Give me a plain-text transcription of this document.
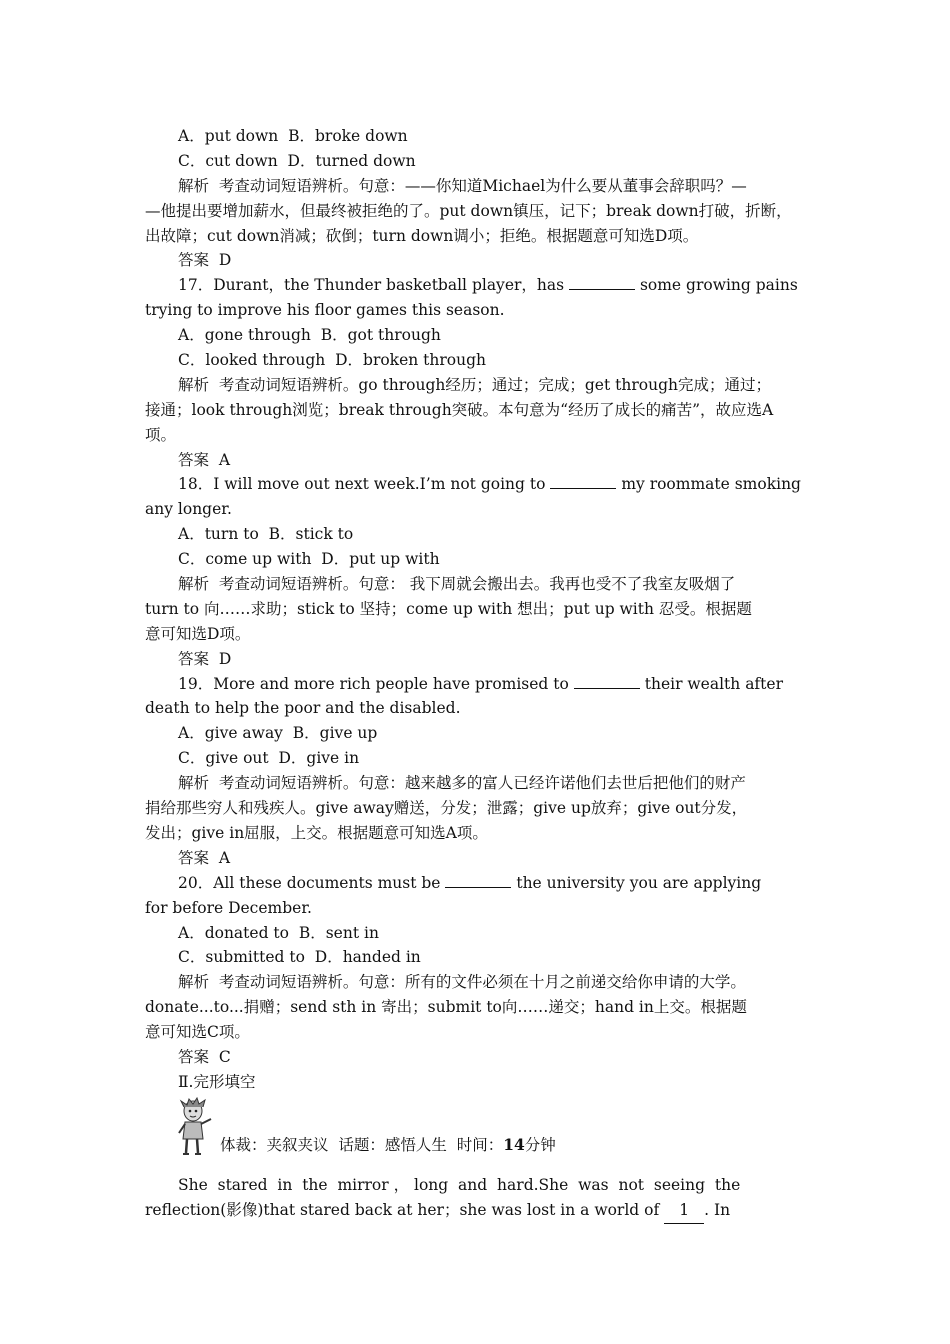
A．put down  B．broke down
C．cut down  D．turned down
解析  考查动词短语辨析。句意：——你知道Michael为什么要从董事会辞职吗？—
—他提出要增加薪水，但最终被拒绝的了。put down镇压，记下；break down打破，折断，
出故障；cut down消减；砍倒；turn down调小；拒绝。根据题意可知选D项。
答案  D
17．Durant，the Thunder basketball player，has	some growing pains
trying to improve his floor games this season.
A．gone through  B．got through
C．looked through  D．broken through
解析  考查动词短语辨析。go through经历；通过；完成；get through完成；通过；
接通；look through浏览；break through突破。本句意为“经历了成长的痛苦”，故应选A
项。
答案  A
18．I will move out next week.I’m not going to	my roommate smoking
any longer.
A．turn to  B．stick to
C．come up with  D．put up with
解析  考查动词短语辨析。句意： 我下周就会搬出去。我再也受不了我室友吸烟了
turn to 向……求助；stick to 坚持；come up with 想出；put up with 忍受。根据题
意可知选D项。
答案  D
19．More and more rich people have promised to	their wealth after
death to help the poor and the disabled.
A．give away  B．give up
C．give out  D．give in
解析  考查动词短语辨析。句意：越来越多的富人已经许诺他们去世后把他们的财产
捐给那些穷人和残疾人。give away赠送，分发；泄露；give up放弃；give out分发，
发出；give in屈服，上交。根据题意可知选A项。
答案  A
20．All these documents must be	the university you are applying
for before December.
A．donated to  B．sent in
C．submitted to  D．handed in
解析  考查动词短语辨析。句意：所有的文件必须在十月之前递交给你申请的大学。
donate...to...捐赠；send sth in 寄出；submit to向……递交；hand in上交。根据题
意可知选C项。
答案  C
Ⅱ.完形填空
体裁：夹叙夹议  话题：感悟人生  时间：14分钟
She  stared  in  the  mirror ， long  and  hard.She  was  not  seeing  the
reflection(影像)that stared back at her；she was lost in a world of 1 . In
